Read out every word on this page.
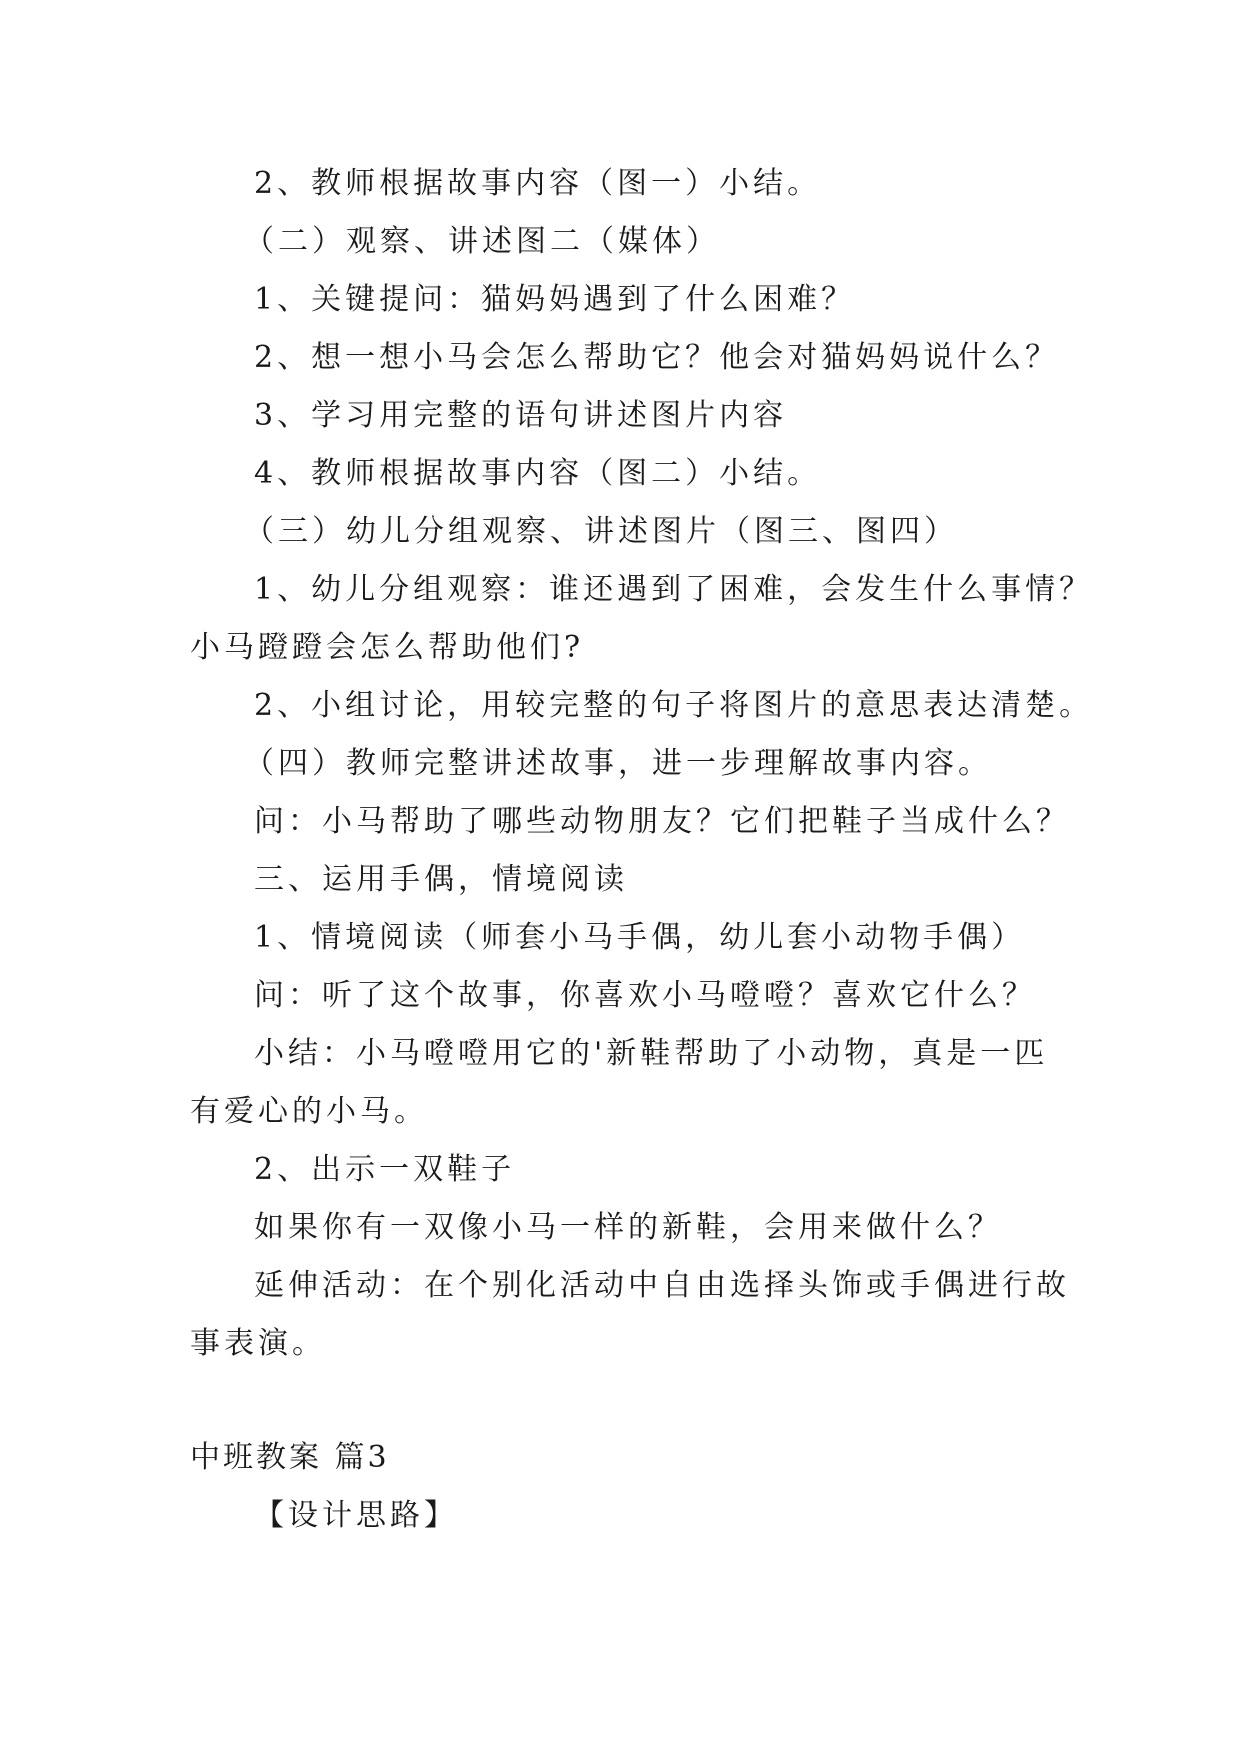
2、教师根据故事内容（图一）小结。
（二）观察、讲述图二（媒体）
1、关键提问：猫妈妈遇到了什么困难？
2、想一想小马会怎么帮助它？他会对猫妈妈说什么？
3、学习用完整的语句讲述图片内容
4、教师根据故事内容（图二）小结。
（三）幼儿分组观察、讲述图片（图三、图四）
1、幼儿分组观察：谁还遇到了困难，会发生什么事情？
小马蹬蹬会怎么帮助他们?
2、小组讨论，用较完整的句子将图片的意思表达清楚。
（四）教师完整讲述故事，进一步理解故事内容。
问：小马帮助了哪些动物朋友？它们把鞋子当成什么？
三、运用手偶，情境阅读
1、情境阅读（师套小马手偶，幼儿套小动物手偶）
问：听了这个故事，你喜欢小马噔噔？喜欢它什么？
小结：小马噔噔用它的'新鞋帮助了小动物，真是一匹
有爱心的小马。
2、出示一双鞋子
如果你有一双像小马一样的新鞋，会用来做什么？
延伸活动：在个别化活动中自由选择头饰或手偶进行故
事表演。
中班教案 篇3
【设计思路】
